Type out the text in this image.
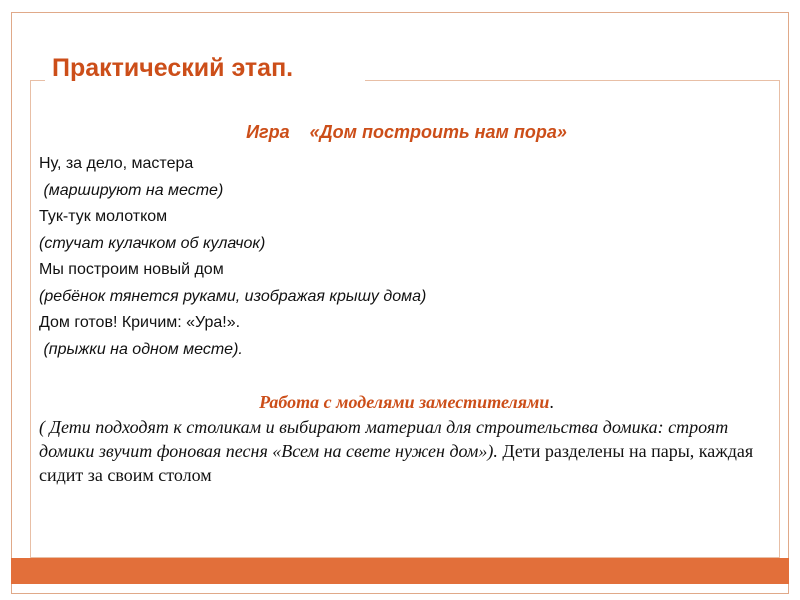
Практический этап.

Игра    «Дом построить нам пора»

Ну, за дело, мастера

(маршируют на месте)

Тук-тук молотком

(стучат кулачком об кулачок)

Мы построим новый дом

(ребёнок тянется руками, изображая крышу дома)

Дом готов! Кричим: «Ура!».

(прыжки на одном месте).

Работа с моделями заместителями.

( Дети подходят к столикам и выбирают материал для строительства домика: строят домики звучит фоновая песня «Всем на свете нужен дом»). Дети разделены на пары, каждая сидит за своим столом
